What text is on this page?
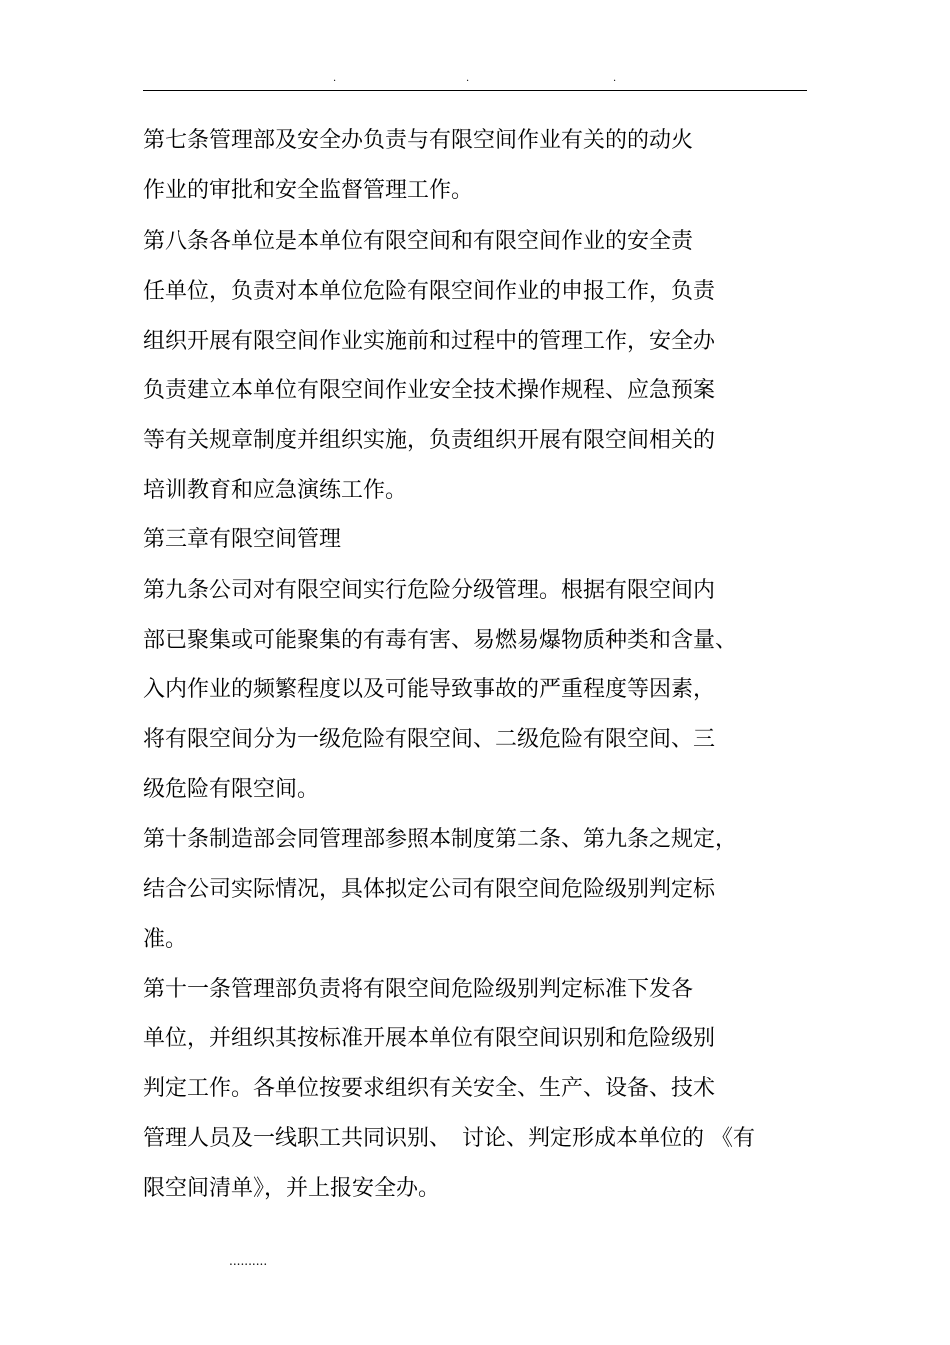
.	.	.
第七条管理部及安全办负责与有限空间作业有关的的动火
作业的审批和安全监督管理工作。
第八条各单位是本单位有限空间和有限空间作业的安全责
任单位，负责对本单位危险有限空间作业的申报工作，负责
组织开展有限空间作业实施前和过程中的管理工作，安全办
负责建立本单位有限空间作业安全技术操作规程、应急预案
等有关规章制度并组织实施，负责组织开展有限空间相关的
培训教育和应急演练工作。
第三章有限空间管理
第九条公司对有限空间实行危险分级管理。根据有限空间内
部已聚集或可能聚集的有毒有害、易燃易爆物质种类和含量、
入内作业的频繁程度以及可能导致事故的严重程度等因素，
将有限空间分为一级危险有限空间、二级危险有限空间、三
级危险有限空间。
第十条制造部会同管理部参照本制度第二条、第九条之规定，
结合公司实际情况，具体拟定公司有限空间危险级别判定标
准。
第十一条管理部负责将有限空间危险级别判定标准下发各
单位，并组织其按标准开展本单位有限空间识别和危险级别
判定工作。各单位按要求组织有关安全、生产、设备、技术
管理人员及一线职工共同识别、　讨论、判定形成本单位的 《有
限空间清单》，并上报安全办。
..........
